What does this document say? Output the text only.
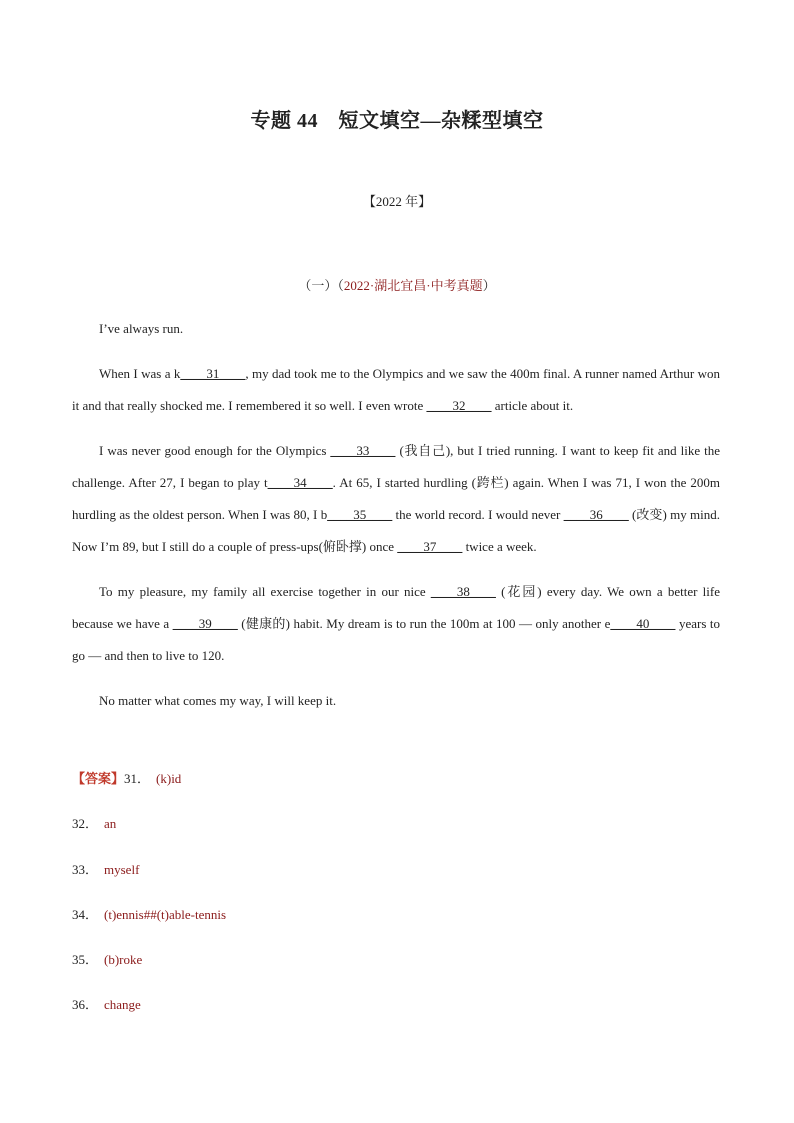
专题 44　短文填空—杂糅型填空
【2022 年】
（一）（2022·湖北宜昌·中考真题）

I’ve always run.

When I was a k____31____, my dad took me to the Olympics and we saw the 400m final. A runner named Arthur won it and that really shocked me. I remembered it so well. I even wrote ____32____ article about it.

I was never good enough for the Olympics ____33____ (我自己), but I tried running. I want to keep fit and like the challenge. After 27, I began to play t____34____. At 65, I started hurdling (跨栏) again. When I was 71, I won the 200m hurdling as the oldest person. When I was 80, I b____35____ the world record. I would never ____36____ (改变) my mind. Now I’m 89, but I still do a couple of press-ups(俯卧撑) once ____37____ twice a week.

To my pleasure, my family all exercise together in our nice ____38____ (花园) every day. We own a better life because we have a ____39____ (健康的) habit. My dream is to run the 100m at 100 — only another e____40____ years to go — and then to live to 120.

No matter what comes my way, I will keep it.

【答案】31． (k)id
32． an
33． myself
34． (t)ennis##(t)able-tennis
35． (b)roke
36． change
